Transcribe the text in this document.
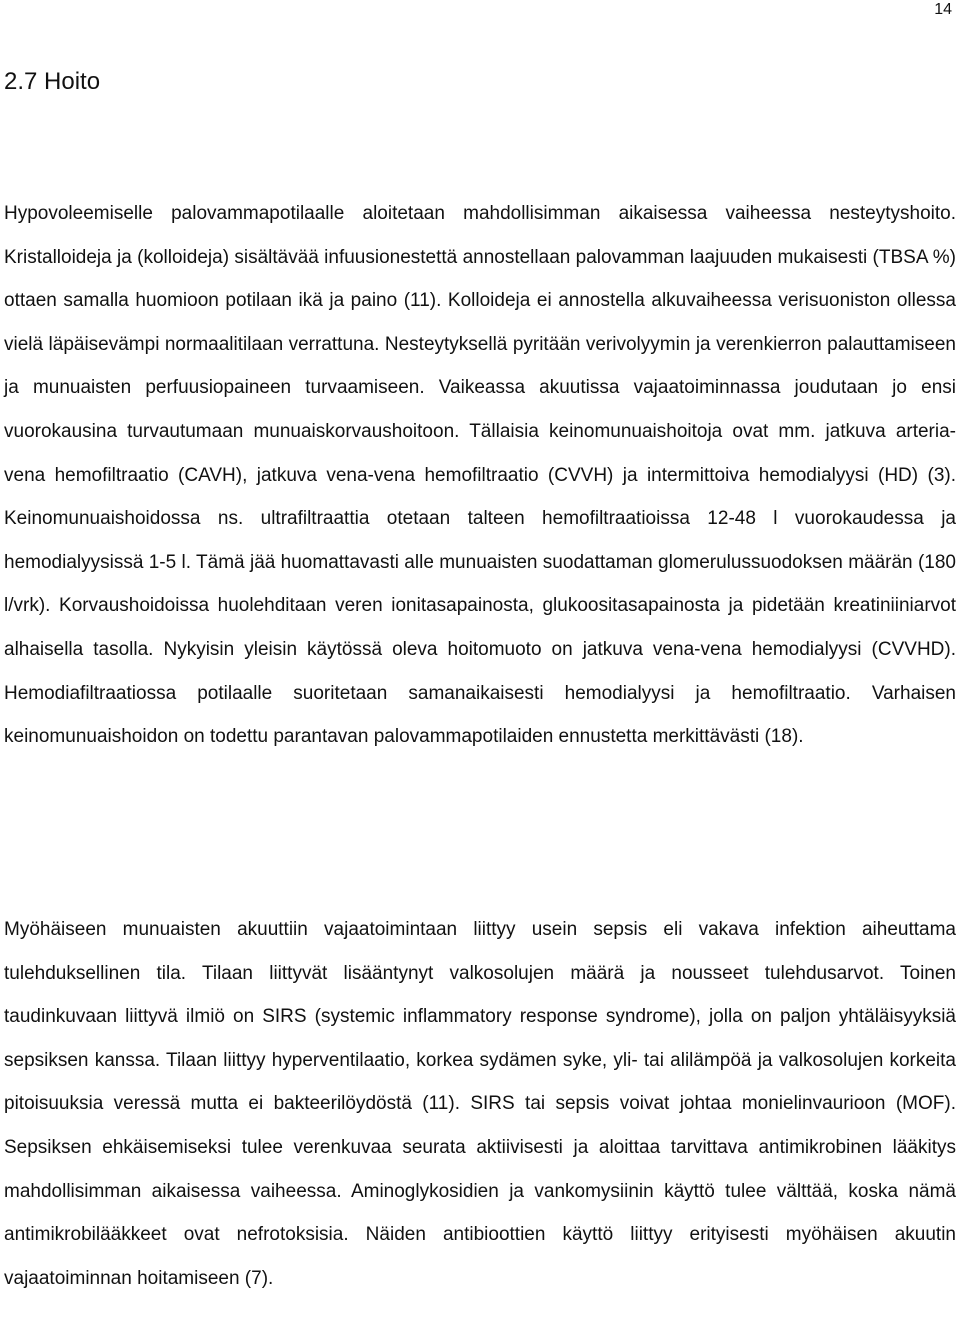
14
2.7 Hoito

Hypovoleemiselle palovammapotilaalle aloitetaan mahdollisimman aikaisessa vaiheessa nesteytyshoito. Kristalloideja ja (kolloideja) sisältävää infuusionestettä annostellaan palovamman laajuuden mukaisesti (TBSA %) ottaen samalla huomioon potilaan ikä ja paino (11). Kolloideja ei annostella alkuvaiheessa verisuoniston ollessa vielä läpäisevämpi normaalitilaan verrattuna. Nesteytyksellä pyritään verivolyymin ja verenkierron palauttamiseen ja munuaisten perfuusiopaineen turvaamiseen. Vaikeassa akuutissa vajaatoiminnassa joudutaan jo ensi vuorokausina turvautumaan munuaiskorvaushoitoon. Tällaisia keinomunuaishoitoja ovat mm. jatkuva arteria-vena hemofiltraatio (CAVH), jatkuva vena-vena hemofiltraatio (CVVH) ja intermittoiva hemodialyysi (HD) (3). Keinomunuaishoidossa ns. ultrafiltraattia otetaan talteen hemofiltraatioissa 12-48 l vuorokaudessa ja hemodialyysissä 1-5 l. Tämä jää huomattavasti alle munuaisten suodattaman glomerulussuodoksen määrän (180 l/vrk). Korvaushoidoissa huolehditaan veren ionitasapainosta, glukoositasapainosta ja pidetään kreatiniiniarvot alhaisella tasolla. Nykyisin yleisin käytössä oleva hoitomuoto on jatkuva vena-vena hemodialyysi (CVVHD). Hemodiafiltraatiossa potilaalle suoritetaan samanaikaisesti hemodialyysi ja hemofiltraatio. Varhaisen keinomunuaishoidon on todettu parantavan palovammapotilaiden ennustetta merkittävästi (18).

Myöhäiseen munuaisten akuuttiin vajaatoimintaan liittyy usein sepsis eli vakava infektion aiheuttama tulehduksellinen tila. Tilaan liittyvät lisääntynyt valkosolujen määrä ja nousseet tulehdusarvot. Toinen taudinkuvaan liittyvä ilmiö on SIRS (systemic inflammatory response syndrome), jolla on paljon yhtäläisyyksiä sepsiksen kanssa. Tilaan liittyy hyperventilaatio, korkea sydämen syke, yli- tai alilämpöä ja valkosolujen korkeita pitoisuuksia veressä mutta ei bakteerilöydöstä (11). SIRS tai sepsis voivat johtaa monielinvaurioon (MOF). Sepsiksen ehkäisemiseksi tulee verenkuvaa seurata aktiivisesti ja aloittaa tarvittava antimikrobinen lääkitys mahdollisimman aikaisessa vaiheessa. Aminoglykosidien ja vankomysiinin käyttö tulee välttää, koska nämä antimikrobilääkkeet ovat nefrotoksisia. Näiden antibioottien käyttö liittyy erityisesti myöhäisen akuutin vajaatoiminnan hoitamiseen (7).
